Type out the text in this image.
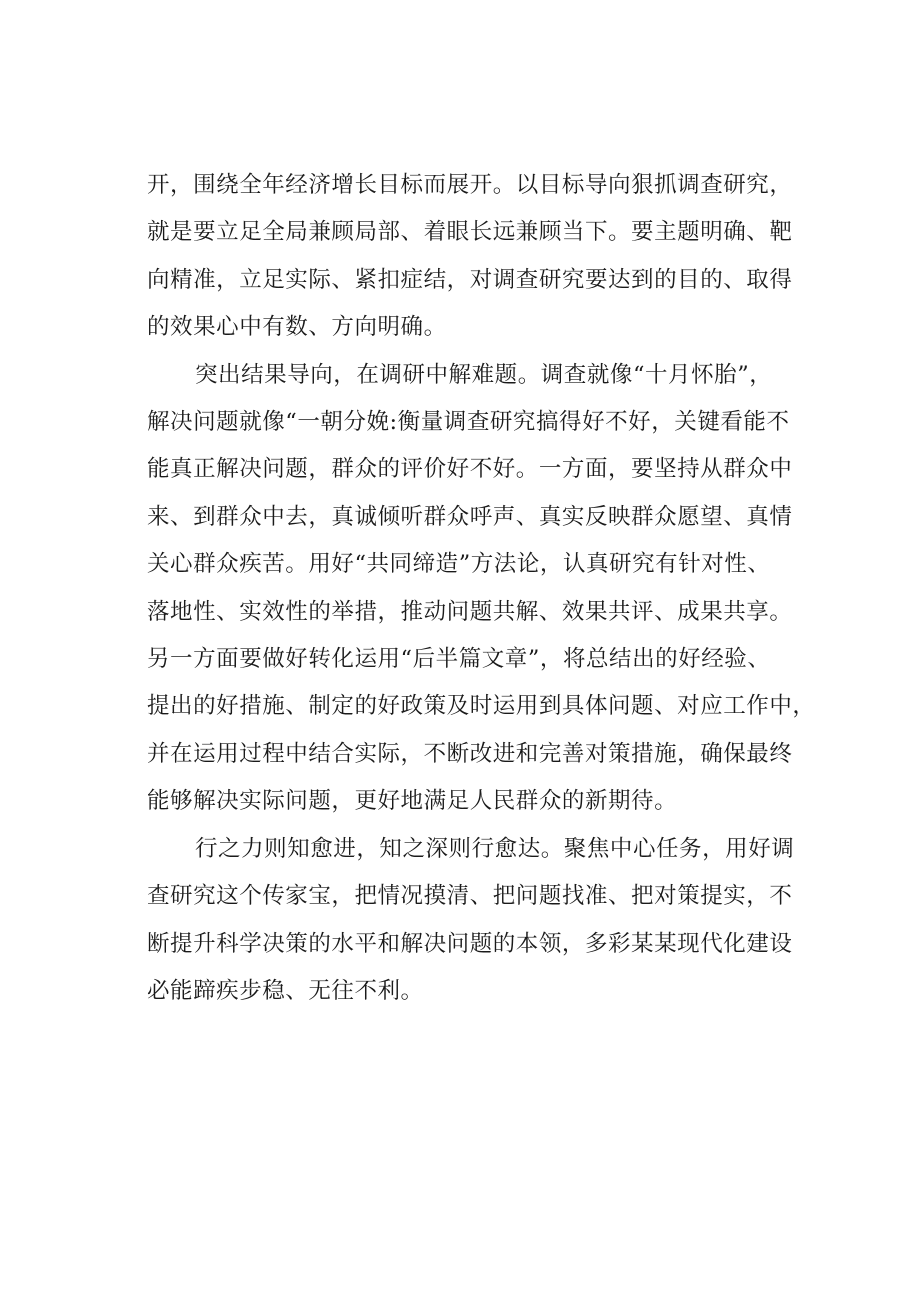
开，围绕全年经济增长目标而展开。以目标导向狠抓调查研究，
就是要立足全局兼顾局部、着眼长远兼顾当下。要主题明确、靶
向精准，立足实际、紧扣症结，对调查研究要达到的目的、取得
的效果心中有数、方向明确。

突出结果导向，在调研中解难题。调查就像“十月怀胎”，
解决问题就像“一朝分娩:衡量调查研究搞得好不好，关键看能不
能真正解决问题，群众的评价好不好。一方面，要坚持从群众中
来、到群众中去，真诚倾听群众呼声、真实反映群众愿望、真情
关心群众疾苦。用好“共同缔造”方法论，认真研究有针对性、
落地性、实效性的举措，推动问题共解、效果共评、成果共享。
另一方面要做好转化运用“后半篇文章”，将总结出的好经验、
提出的好措施、制定的好政策及时运用到具体问题、对应工作中，
并在运用过程中结合实际，不断改进和完善对策措施，确保最终
能够解决实际问题，更好地满足人民群众的新期待。

行之力则知愈进，知之深则行愈达。聚焦中心任务，用好调
查研究这个传家宝，把情况摸清、把问题找准、把对策提实，不
断提升科学决策的水平和解决问题的本领，多彩某某现代化建设
必能蹄疾步稳、无往不利。
